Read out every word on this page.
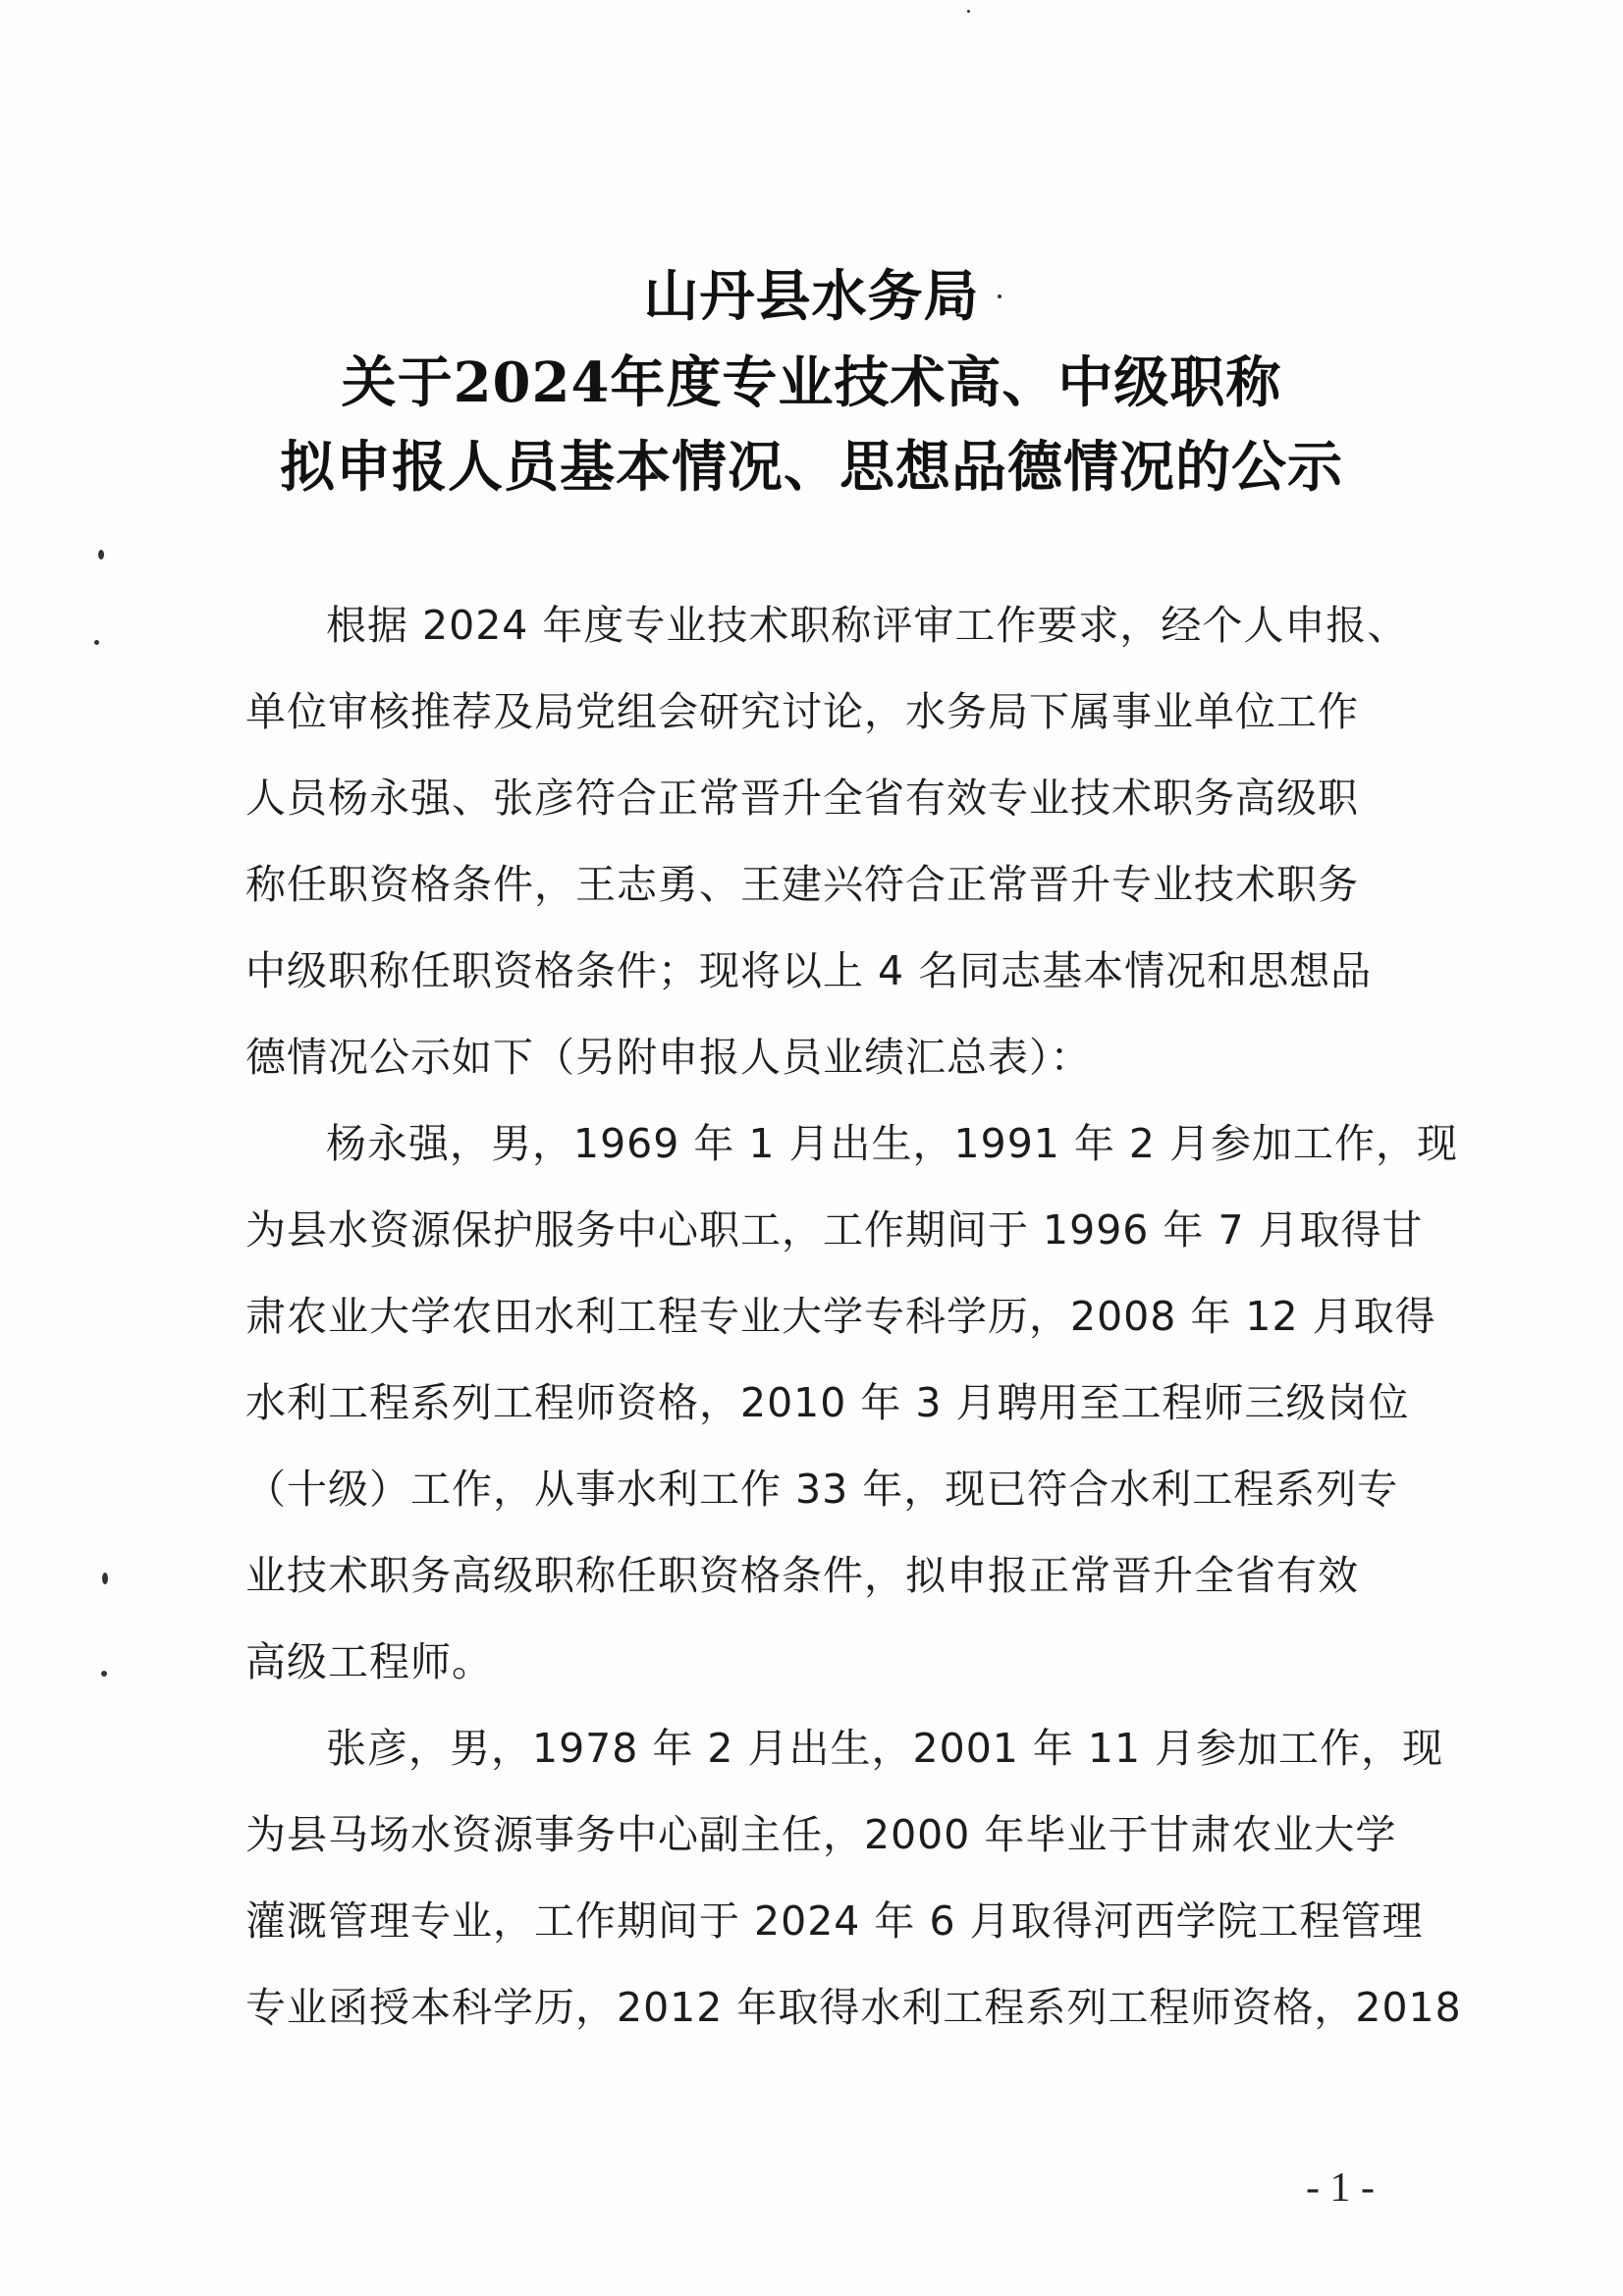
山丹县水务局
关于2024年度专业技术高、中级职称
拟申报人员基本情况、思想品德情况的公示
根据 2024 年度专业技术职称评审工作要求，经个人申报、
单位审核推荐及局党组会研究讨论，水务局下属事业单位工作
人员杨永强、张彦符合正常晋升全省有效专业技术职务高级职
称任职资格条件，王志勇、王建兴符合正常晋升专业技术职务
中级职称任职资格条件；现将以上 4 名同志基本情况和思想品
德情况公示如下（另附申报人员业绩汇总表）：
杨永强，男，1969 年 1 月出生，1991 年 2 月参加工作，现
为县水资源保护服务中心职工，工作期间于 1996 年 7 月取得甘
肃农业大学农田水利工程专业大学专科学历，2008 年 12 月取得
水利工程系列工程师资格，2010 年 3 月聘用至工程师三级岗位
（十级）工作，从事水利工作 33 年，现已符合水利工程系列专
业技术职务高级职称任职资格条件，拟申报正常晋升全省有效
高级工程师。
张彦，男，1978 年 2 月出生，2001 年 11 月参加工作，现
为县马场水资源事务中心副主任，2000 年毕业于甘肃农业大学
灌溉管理专业，工作期间于 2024 年 6 月取得河西学院工程管理
专业函授本科学历，2012 年取得水利工程系列工程师资格，2018
- 1 -
